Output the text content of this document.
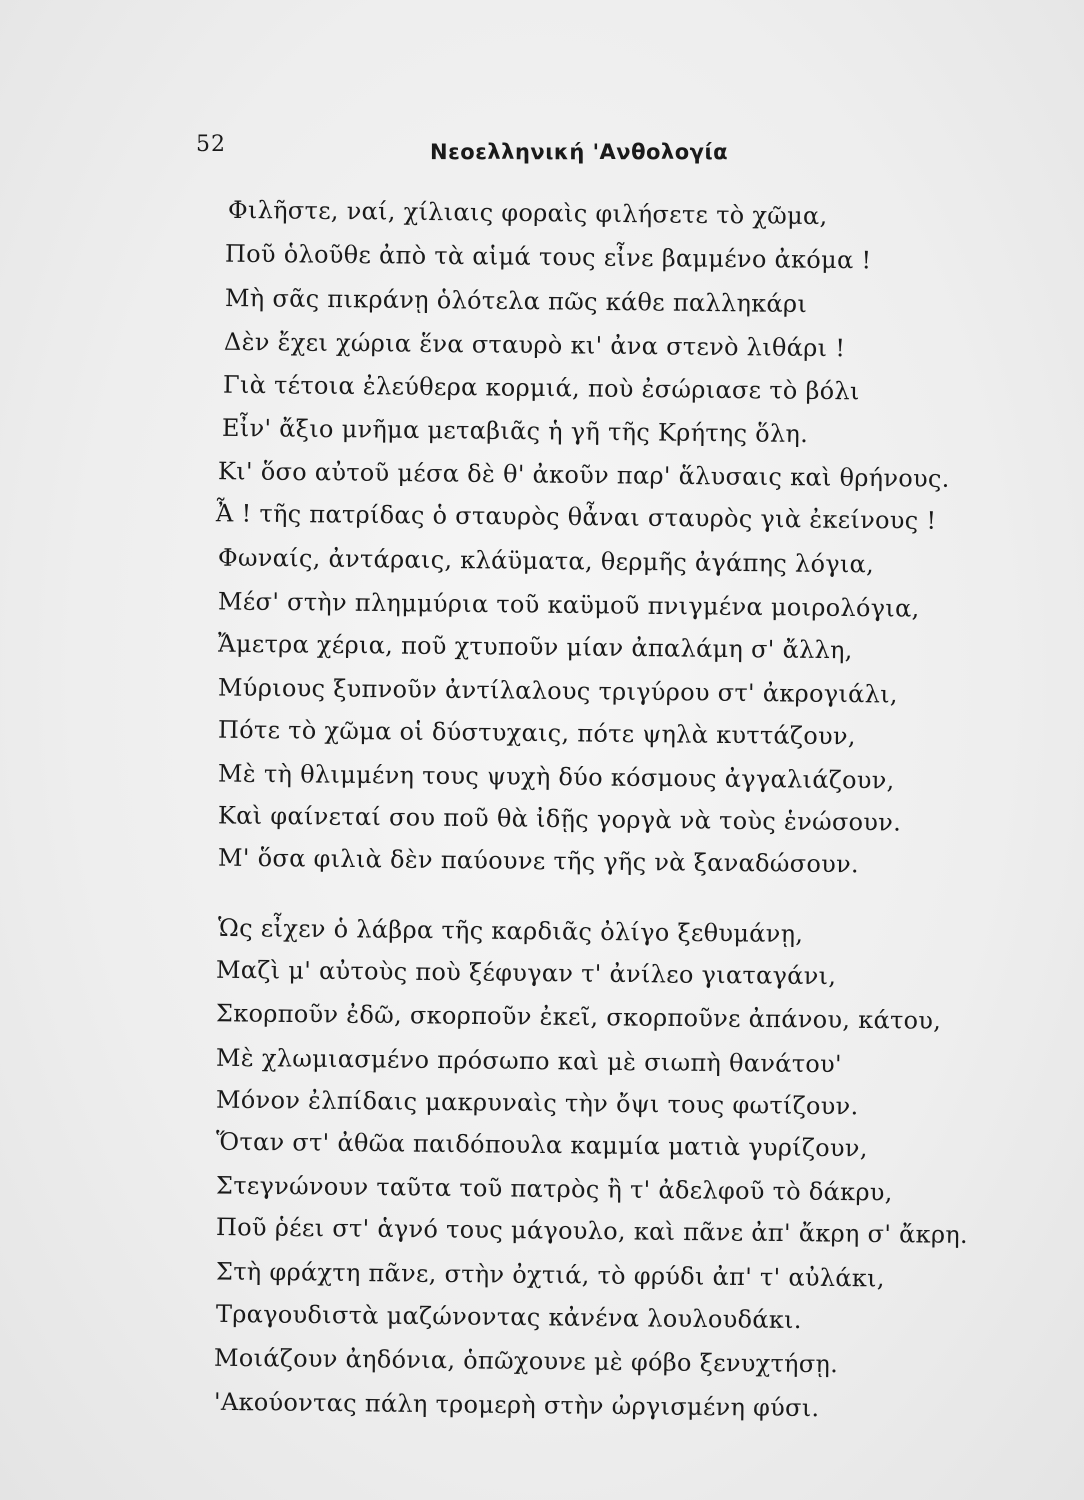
52	Νεοελληνική 'Ανθολογία
Φιλῆστε, ναί, χίλιαις φοραὶς φιλήσετε τὸ χῶμα,
Ποῦ ὁλοῦθε ἀπὸ τὰ αἱμά τους εἶνε βαμμένο ἀκόμα !
Μὴ σᾶς πικράνῃ ὁλότελα πῶς κάθε παλληκάρι
Δὲν ἔχει χώρια ἕνα σταυρὸ κι' ἀνα στενὸ λιθάρι !
Γιὰ τέτοια ἐλεύθερα κορμιά, ποὺ ἐσώριασε τὸ βόλι
Εἶν' ἄξιο μνῆμα μεταβιᾶς ἡ γῆ τῆς Κρήτης ὅλη.
Κι' ὅσο αὐτοῦ μέσα δὲ θ' ἀκοῦν παρ' ἅλυσαις καὶ θρήνους.
Ἆ ! τῆς πατρίδας ὁ σταυρὸς θἆναι σταυρὸς γιὰ ἐκείνους !
Φωναίς, ἀντάραις, κλάϋματα, θερμῆς ἀγάπης λόγια,
Μέσ' στὴν πλημμύρια τοῦ καϋμοῦ πνιγμένα μοιρολόγια,
Ἄμετρα χέρια, ποῦ χτυποῦν μίαν ἀπαλάμη σ' ἄλλη,
Μύριους ξυπνοῦν ἀντίλαλους τριγύρου στ' ἀκρογιάλι,
Πότε τὸ χῶμα οἱ δύστυχαις, πότε ψηλὰ κυττάζουν,
Μὲ τὴ θλιμμένη τους ψυχὴ δύο κόσμους ἀγγαλιάζουν,
Καὶ φαίνεταί σου ποῦ θὰ ἰδῇς γοργὰ νὰ τοὺς ἑνώσουν.
Μ' ὅσα φιλιὰ δὲν παύουνε τῆς γῆς νὰ ξαναδώσουν.
Ὡς εἶχεν ὁ λάβρα τῆς καρδιᾶς ὀλίγο ξεθυμάνῃ,
Μαζὶ μ' αὐτοὺς ποὺ ξέφυγαν τ' ἀνίλεο γιαταγάνι,
Σκορποῦν ἐδῶ, σκορποῦν ἐκεῖ, σκορποῦνε ἀπάνου, κάτου,
Μὲ χλωμιασμένο πρόσωπο καὶ μὲ σιωπὴ θανάτου'
Μόνον ἐλπίδαις μακρυναὶς τὴν ὄψι τους φωτίζουν.
Ὅταν στ' ἀθῶα παιδόπουλα καμμία ματιὰ γυρίζουν,
Στεγνώνουν ταῦτα τοῦ πατρὸς ἢ τ' ἀδελφοῦ τὸ δάκρυ,
Ποῦ ῥέει στ' ἁγνό τους μάγουλο, καὶ πᾶνε ἀπ' ἄκρη σ' ἄκρη.
Στὴ φράχτη πᾶνε, στὴν ὀχτιά, τὸ φρύδι ἀπ' τ' αὐλάκι,
Τραγουδιστὰ μαζώνοντας κἀνένα λουλουδάκι.
Μοιάζουν ἀηδόνια, ὁπῶχουνε μὲ φόβο ξενυχτήσῃ.
'Ακούοντας πάλη τρομερὴ στὴν ὠργισμένη φύσι.
